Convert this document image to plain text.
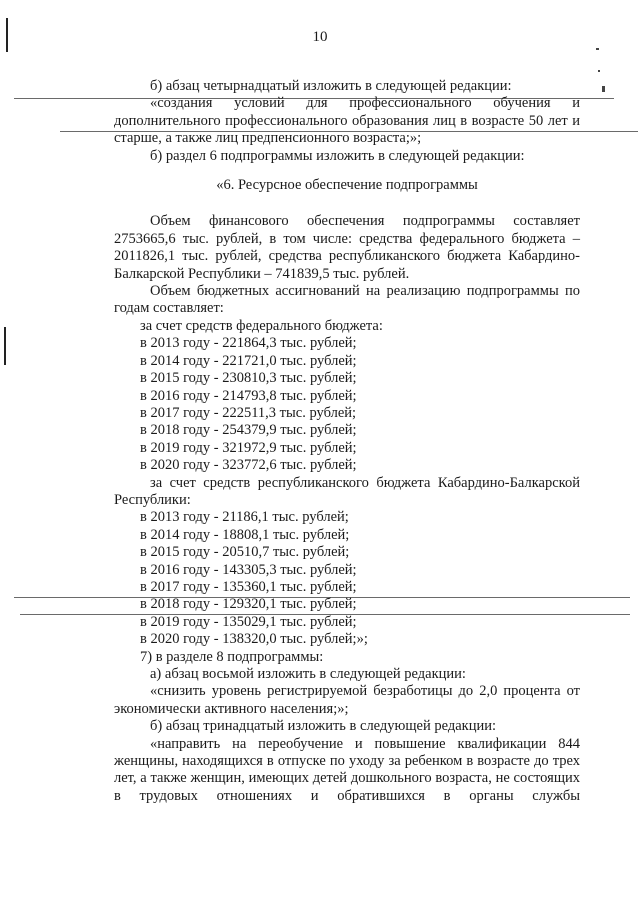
10

б) абзац четырнадцатый изложить в следующей редакции:

«создания условий для профессионального обучения и дополнительного профессионального образования лиц в возрасте 50 лет и старше, а также лиц предпенсионного возраста;»;

б) раздел 6 подпрограммы изложить в следующей редакции:

«6. Ресурсное обеспечение подпрограммы

Объем финансового обеспечения подпрограммы составляет 2753665,6 тыс. рублей, в том числе: средства федерального бюджета – 2011826,1 тыс. рублей, средства республиканского бюджета Кабардино-Балкарской Республики – 741839,5 тыс. рублей.

Объем бюджетных ассигнований на реализацию подпрограммы по годам составляет:

за счет средств федерального бюджета:

в 2013 году - 221864,3 тыс. рублей;

в 2014 году - 221721,0 тыс. рублей;

в 2015 году - 230810,3 тыс. рублей;

в 2016 году - 214793,8 тыс. рублей;

в 2017 году - 222511,3 тыс. рублей;

в 2018 году - 254379,9 тыс. рублей;

в 2019 году - 321972,9 тыс. рублей;

в 2020 году - 323772,6 тыс. рублей;

за счет средств республиканского бюджета Кабардино-Балкарской Республики:

в 2013 году - 21186,1 тыс. рублей;

в 2014 году - 18808,1 тыс. рублей;

в 2015 году - 20510,7 тыс. рублей;

в 2016 году - 143305,3 тыс. рублей;

в 2017 году - 135360,1 тыс. рублей;

в 2018 году - 129320,1 тыс. рублей;

в 2019 году - 135029,1 тыс. рублей;

в 2020 году - 138320,0 тыс. рублей;»;

7) в разделе 8 подпрограммы:

а) абзац восьмой изложить в следующей редакции:

«снизить уровень регистрируемой безработицы до 2,0 процента от экономически активного населения;»;

б) абзац тринадцатый изложить в следующей редакции:

«направить на переобучение и повышение квалификации 844 женщины, находящихся в отпуске по уходу за ребенком в возрасте до трех лет, а также женщин, имеющих детей дошкольного возраста, не состоящих в трудовых отношениях и обратившихся в органы службы
